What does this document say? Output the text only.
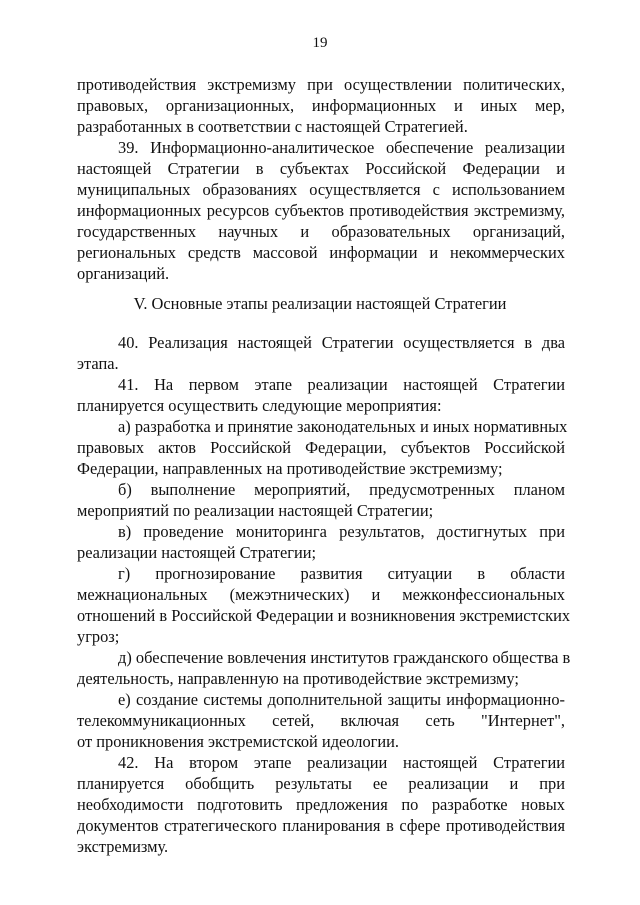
19
противодействия экстремизму при осуществлении политических,
правовых, организационных, информационных и иных мер,
разработанных в соответствии с настоящей Стратегией.
39. Информационно-аналитическое обеспечение реализации
настоящей Стратегии в субъектах Российской Федерации и
муниципальных образованиях осуществляется с использованием
информационных ресурсов субъектов противодействия экстремизму,
государственных научных и образовательных организаций,
региональных средств массовой информации и некоммерческих
организаций.
V. Основные этапы реализации настоящей Стратегии
40. Реализация настоящей Стратегии осуществляется в два
этапа.
41. На первом этапе реализации настоящей Стратегии
планируется осуществить следующие мероприятия:
а) разработка и принятие законодательных и иных нормативных
правовых актов Российской Федерации, субъектов Российской
Федерации, направленных на противодействие экстремизму;
б) выполнение мероприятий, предусмотренных планом
мероприятий по реализации настоящей Стратегии;
в) проведение мониторинга результатов, достигнутых при
реализации настоящей Стратегии;
г) прогнозирование развития ситуации в области
межнациональных (межэтнических) и межконфессиональных
отношений в Российской Федерации и возникновения экстремистских
угроз;
д) обеспечение вовлечения институтов гражданского общества в
деятельность, направленную на противодействие экстремизму;
е) создание системы дополнительной защиты информационно-
телекоммуникационных сетей, включая сеть "Интернет",
от проникновения экстремистской идеологии.
42. На втором этапе реализации настоящей Стратегии
планируется обобщить результаты ее реализации и при
необходимости подготовить предложения по разработке новых
документов стратегического планирования в сфере противодействия
экстремизму.
